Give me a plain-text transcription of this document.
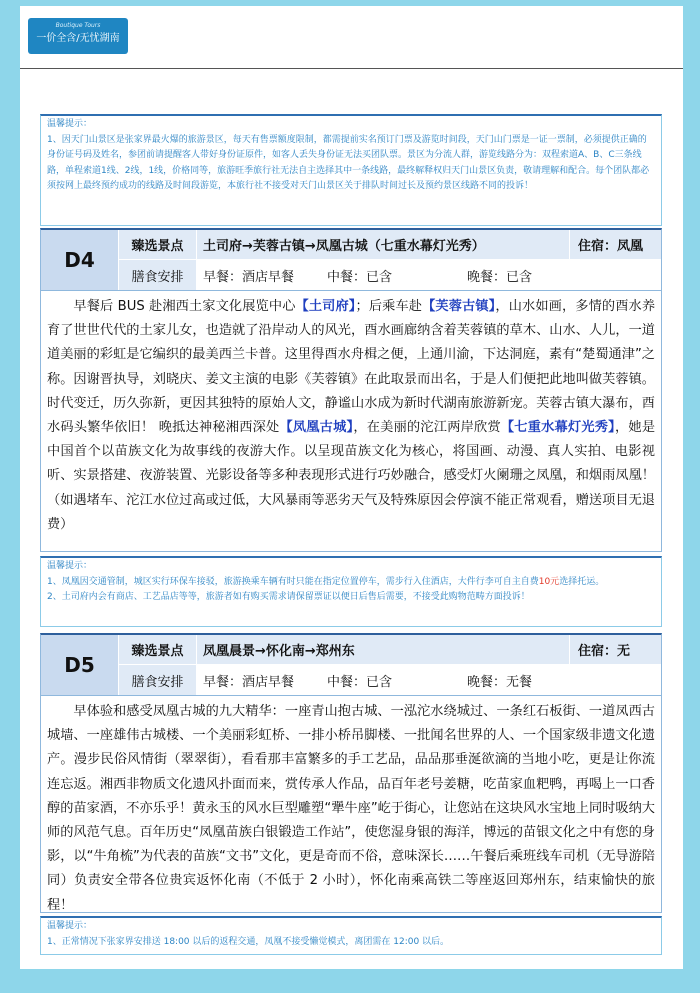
Boutique Tours
一价全含/无忧湖南
温馨提示：
1、因天门山景区是张家界最火爆的旅游景区，每天有售票额度限制，都需提前实名预订门票及游览时间段，天门山门票是一证一票制，必须提供正确的身份证号码及姓名，参团前请提醒客人带好身份证原件，如客人丢失身份证无法买团队票。景区为分流人群，游览线路分为：双程索道A、B、C三条线路，单程索道1线、2线，1线，价格同等，旅游旺季旅行社无法自主选择其中一条线路，最终解释权归天门山景区负责，敬请理解和配合。每个团队都必须按网上最终预约成功的线路及时间段游览，本旅行社不接受对天门山景区关于排队时间过长及预约景区线路不同的投诉！
D4
臻选景点	土司府→芙蓉古镇→凤凰古城（七重水幕灯光秀）	住宿：凤凰
膳食安排	早餐：酒店早餐	中餐：已含	晚餐：已含

早餐后 BUS 赴湘西土家文化展览中心【土司府】；后乘车赴【芙蓉古镇】，山水如画，多情的酉水养育了世世代代的土家儿女，也造就了沿岸动人的风光，酉水画廊纳含着芙蓉镇的草木、山水、人儿，一道道美丽的彩虹是它编织的最美西兰卡普。这里得酉水舟楫之便，上通川渝，下达洞庭，素有“楚蜀通津”之称。因谢晋执导，刘晓庆、姜文主演的电影《芙蓉镇》在此取景而出名，于是人们便把此地叫做芙蓉镇。时代变迁，历久弥新，更因其独特的原始人文，静谧山水成为新时代湖南旅游新宠。芙蓉古镇大瀑布，酉水码头繁华依旧！ 晚抵达神秘湘西深处【凤凰古城】，在美丽的沱江两岸欣赏【七重水幕灯光秀】，她是中国首个以苗族文化为故事线的夜游大作。以呈现苗族文化为核心，将国画、动漫、真人实拍、电影视听、实景搭建、夜游装置、光影设备等多种表现形式进行巧妙融合，感受灯火阑珊之凤凰，和烟雨凤凰！（如遇堵车、沱江水位过高或过低，大风暴雨等恶劣天气及特殊原因会停演不能正常观看，赠送项目无退费）

温馨提示：
1、凤凰因交通管制，城区实行环保车接驳，旅游换乘车辆有时只能在指定位置停车，需步行入住酒店，大件行李可自主自费10元选择托运。
2、土司府内会有商店、工艺品店等等，旅游者如有购买需求请保留票证以便日后售后需要，不接受此购物范畴方面投诉！
D5
臻选景点	凤凰晨景→怀化南→郑州东	住宿：无
膳食安排	早餐：酒店早餐	中餐：已含	晚餐：无餐

早体验和感受凤凰古城的九大精华：一座青山抱古城、一泓沱水绕城过、一条红石板街、一道凤西古城墙、一座雄伟古城楼、一个美丽彩虹桥、一排小桥吊脚楼、一批闻名世界的人、一个国家级非遗文化遗产。漫步民俗风情街（翠翠街），看看那丰富繁多的手工艺品，品品那垂涎欲滴的当地小吃，更是让你流连忘返。湘西非物质文化遗风扑面而来，赏传承人作品，品百年老号姜糖，吃苗家血粑鸭，再喝上一口香醇的苗家酒，不亦乐乎！黄永玉的风水巨型雕塑“犟牛座”屹于街心，让您站在这块风水宝地上同时吸纳大师的风范气息。百年历史“凤凰苗族白银锻造工作站”，使您湿身银的海洋，博远的苗银文化之中有您的身影，以“牛角梳”为代表的苗族“文书”文化，更是奇而不俗，意味深长……午餐后乘班线车司机（无导游陪同）负责安全带各位贵宾返怀化南（不低于 2 小时），怀化南乘高铁二等座返回郑州东，结束愉快的旅程！

温馨提示：
1、正常情况下张家界安排送 18:00 以后的返程交通，凤凰不接受懒觉模式，离团需在 12:00 以后。
